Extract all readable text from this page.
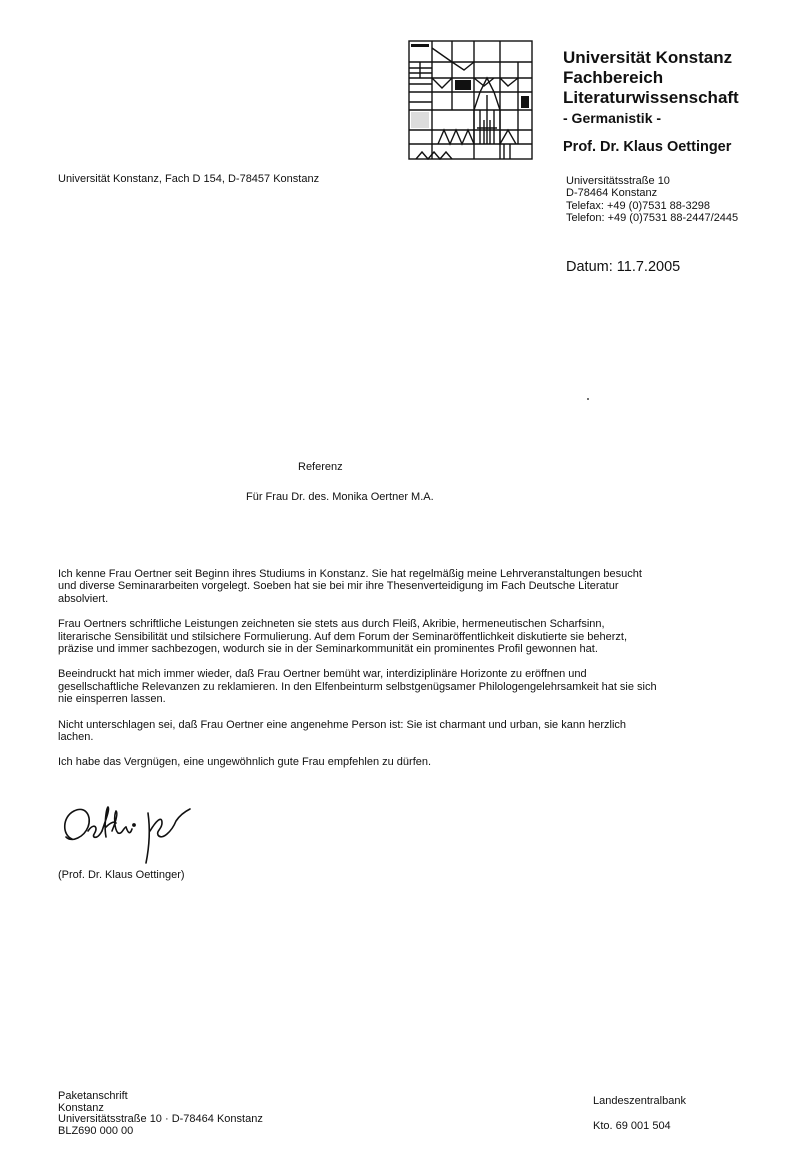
Universität Konstanz
Fachbereich
Literaturwissenschaft
- Germanistik -
Prof. Dr. Klaus Oettinger
Universität Konstanz, Fach D 154, D-78457 Konstanz	Universitätsstraße 10
D-78464 Konstanz
Telefax: +49 (0)7531 88-3298
Telefon: +49 (0)7531 88-2447/2445
Datum: 11.7.2005
Referenz
Für Frau Dr. des. Monika Oertner M.A.

Ich kenne Frau Oertner seit Beginn ihres Studiums in Konstanz. Sie hat regelmäßig meine Lehrveranstaltungen besucht und diverse Seminararbeiten vorgelegt. Soeben hat sie bei mir ihre Thesenverteidigung im Fach Deutsche Literatur absolviert.

Frau Oertners schriftliche Leistungen zeichneten sie stets aus durch Fleiß, Akribie, hermeneutischen Scharfsinn, literarische Sensibilität und stilsichere Formulierung. Auf dem Forum der Seminaröffentlichkeit diskutierte sie beherzt, präzise und immer sachbezogen, wodurch sie in der Seminarkommunität ein prominentes Profil gewonnen hat.

Beeindruckt hat mich immer wieder, daß Frau Oertner bemüht war, interdiziplinäre Horizonte zu eröffnen und gesellschaftliche Relevanzen zu reklamieren. In den Elfenbeinturm selbstgenügsamer Philologengelehrsamkeit hat sie sich nie einsperren lassen.

Nicht unterschlagen sei, daß Frau Oertner eine angenehme Person ist: Sie ist charmant und urban, sie kann herzlich lachen.

Ich habe das Vergnügen, eine ungewöhnlich gute Frau empfehlen zu dürfen.

(Prof. Dr. Klaus Oettinger)
Paketanschrift
Konstanz
Universitätsstraße 10 · D-78464 Konstanz
BLZ690 000 00
Landeszentralbank
Kto. 69 001 504
